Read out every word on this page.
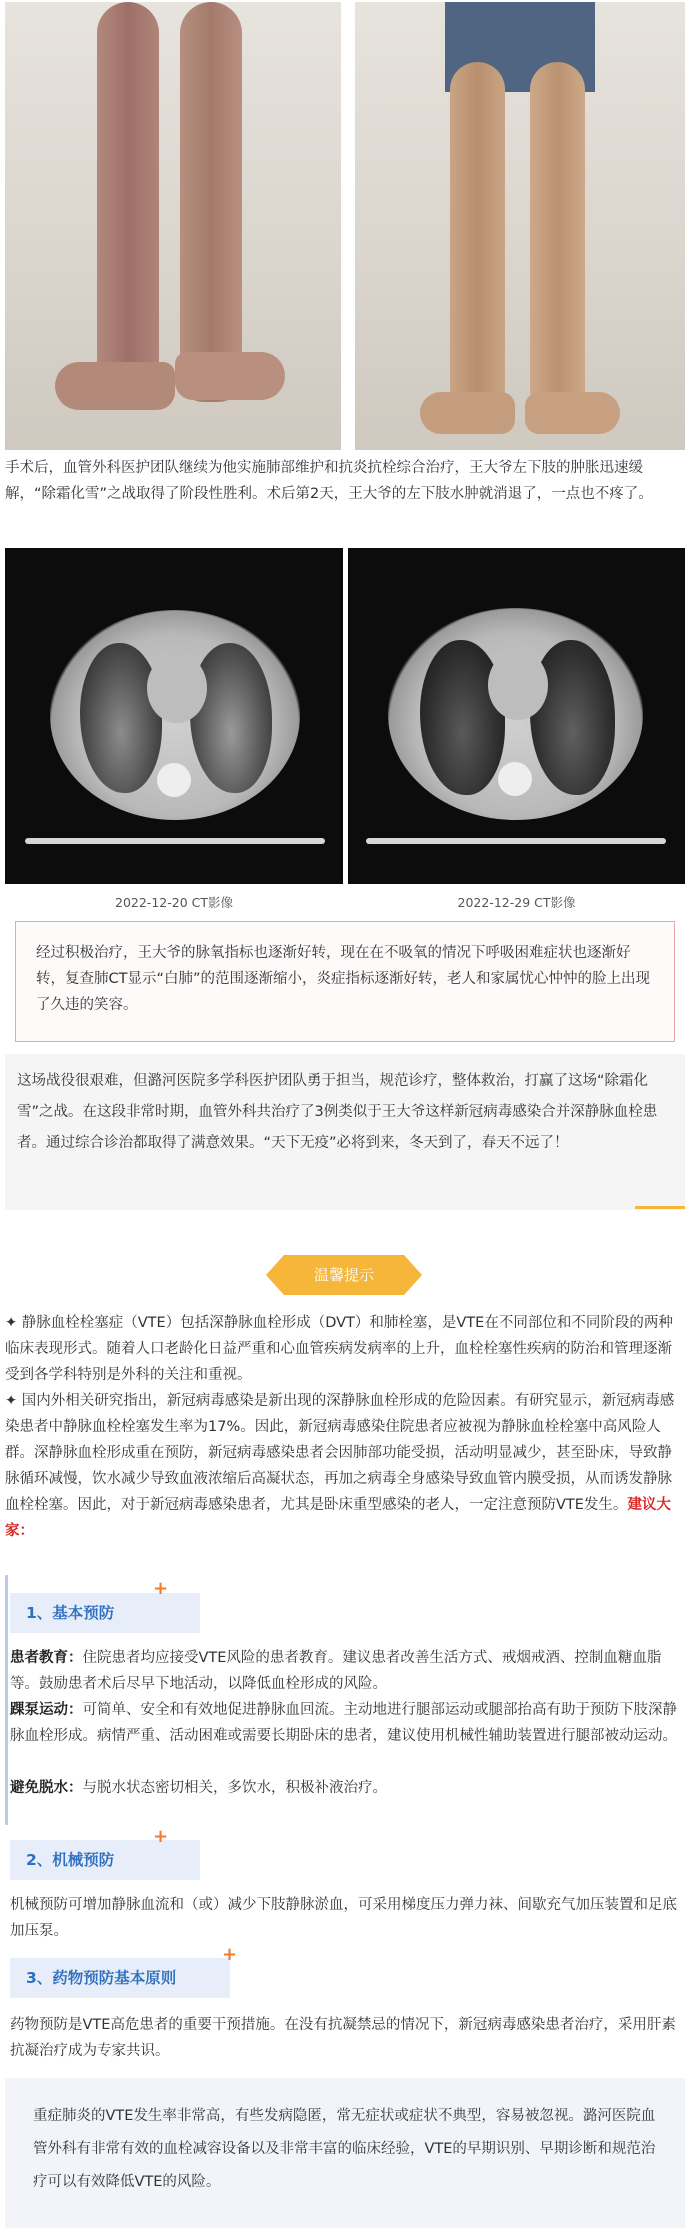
手术后，血管外科医护团队继续为他实施肺部维护和抗炎抗栓综合治疗，王大爷左下肢的肿胀迅速缓解，“除霜化雪”之战取得了阶段性胜利。术后第2天，王大爷的左下肢水肿就消退了，一点也不疼了。

2022-12-20 CT影像	2022-12-29 CT影像

经过积极治疗，王大爷的脉氧指标也逐渐好转，现在在不吸氧的情况下呼吸困难症状也逐渐好转，复查肺CT显示“白肺”的范围逐渐缩小，炎症指标逐渐好转，老人和家属忧心忡忡的脸上出现了久违的笑容。

这场战役很艰难，但潞河医院多学科医护团队勇于担当，规范诊疗，整体救治，打赢了这场“除霜化雪”之战。在这段非常时期，血管外科共治疗了3例类似于王大爷这样新冠病毒感染合并深静脉血栓患者。通过综合诊治都取得了满意效果。“天下无疫”必将到来，冬天到了，春天不远了！

温馨提示

✦ 静脉血栓栓塞症（VTE）包括深静脉血栓形成（DVT）和肺栓塞，是VTE在不同部位和不同阶段的两种临床表现形式。随着人口老龄化日益严重和心血管疾病发病率的上升，血栓栓塞性疾病的防治和管理逐渐受到各学科特别是外科的关注和重视。

✦ 国内外相关研究指出，新冠病毒感染是新出现的深静脉血栓形成的危险因素。有研究显示，新冠病毒感染患者中静脉血栓栓塞发生率为17%。因此，新冠病毒感染住院患者应被视为静脉血栓栓塞中高风险人群。深静脉血栓形成重在预防，新冠病毒感染患者会因肺部功能受损，活动明显减少，甚至卧床，导致静脉循环减慢，饮水减少导致血液浓缩后高凝状态，再加之病毒全身感染导致血管内膜受损，从而诱发静脉血栓栓塞。因此，对于新冠病毒感染患者，尤其是卧床重型感染的老人，一定注意预防VTE发生。建议大家：
1、基本预防
+
患者教育：住院患者均应接受VTE风险的患者教育。建议患者改善生活方式、戒烟戒酒、控制血糖血脂等。鼓励患者术后尽早下地活动，以降低血栓形成的风险。
踝泵运动：可简单、安全和有效地促进静脉血回流。主动地进行腿部运动或腿部抬高有助于预防下肢深静脉血栓形成。病情严重、活动困难或需要长期卧床的患者，建议使用机械性辅助装置进行腿部被动运动。
避免脱水：与脱水状态密切相关，多饮水，积极补液治疗。
2、机械预防
+

机械预防可增加静脉血流和（或）减少下肢静脉淤血，可采用梯度压力弹力袜、间歇充气加压装置和足底加压泵。

3、药物预防基本原则
+

药物预防是VTE高危患者的重要干预措施。在没有抗凝禁忌的情况下，新冠病毒感染患者治疗，采用肝素抗凝治疗成为专家共识。

重症肺炎的VTE发生率非常高，有些发病隐匿，常无症状或症状不典型，容易被忽视。潞河医院血管外科有非常有效的血栓减容设备以及非常丰富的临床经验，VTE的早期识别、早期诊断和规范治疗可以有效降低VTE的风险。
